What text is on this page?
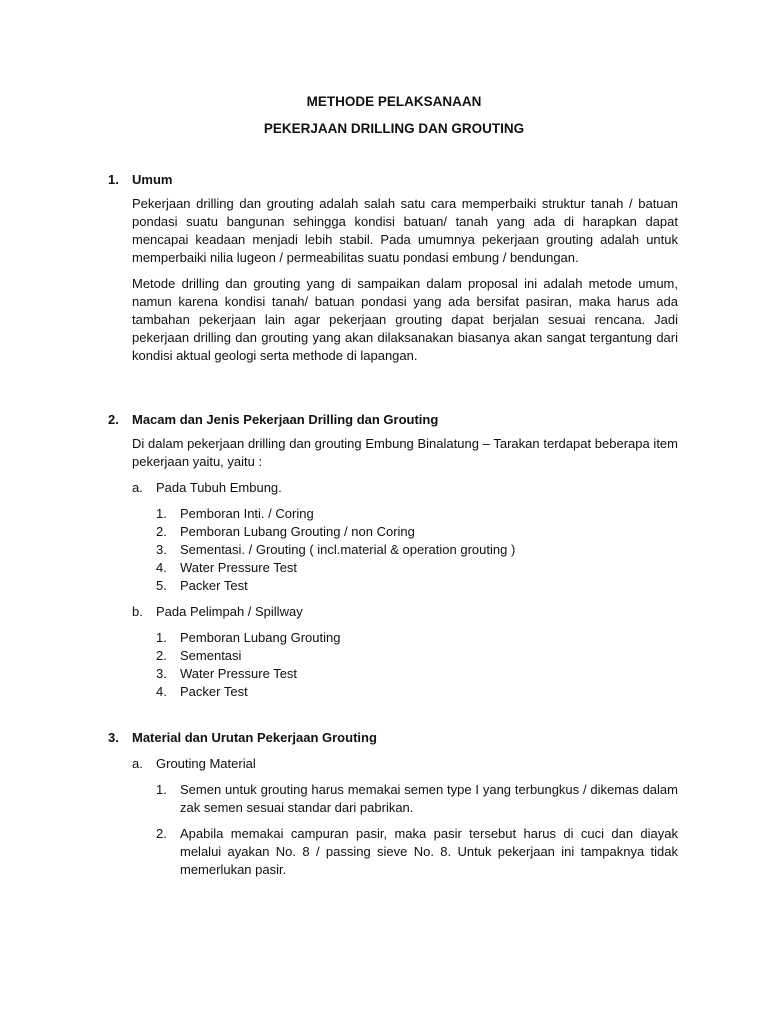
METHODE PELAKSANAAN
PEKERJAAN DRILLING DAN GROUTING

1. Umum

Pekerjaan drilling dan grouting adalah salah satu cara memperbaiki struktur tanah / batuan pondasi suatu bangunan sehingga kondisi batuan/ tanah yang ada di harapkan dapat mencapai keadaan menjadi lebih stabil. Pada umumnya pekerjaan grouting adalah untuk memperbaiki nilia lugeon / permeabilitas suatu pondasi embung / bendungan.

Metode drilling dan grouting yang di sampaikan dalam proposal ini adalah metode umum, namun karena kondisi tanah/ batuan pondasi yang ada bersifat pasiran, maka harus ada tambahan pekerjaan lain agar pekerjaan grouting dapat berjalan sesuai rencana. Jadi pekerjaan drilling dan grouting yang akan dilaksanakan biasanya akan sangat tergantung dari kondisi aktual geologi serta methode di lapangan.

2. Macam dan Jenis Pekerjaan Drilling dan Grouting

Di dalam pekerjaan drilling dan grouting Embung Binalatung – Tarakan terdapat beberapa item pekerjaan yaitu, yaitu :

a. Pada Tubuh Embung.

1. Pemboran Inti. / Coring
2. Pemboran Lubang Grouting / non Coring
3. Sementasi. / Grouting ( incl.material & operation grouting )
4. Water Pressure Test
5. Packer Test

b. Pada Pelimpah / Spillway

1. Pemboran Lubang Grouting
2. Sementasi
3. Water Pressure Test
4. Packer Test

3. Material dan Urutan Pekerjaan Grouting

a. Grouting Material

1. Semen untuk grouting harus memakai semen type I yang terbungkus / dikemas dalam zak semen sesuai standar dari pabrikan.
2. Apabila memakai campuran pasir, maka pasir tersebut harus di cuci dan diayak melalui ayakan No. 8 / passing sieve No. 8. Untuk pekerjaan ini tampaknya tidak memerlukan pasir.
